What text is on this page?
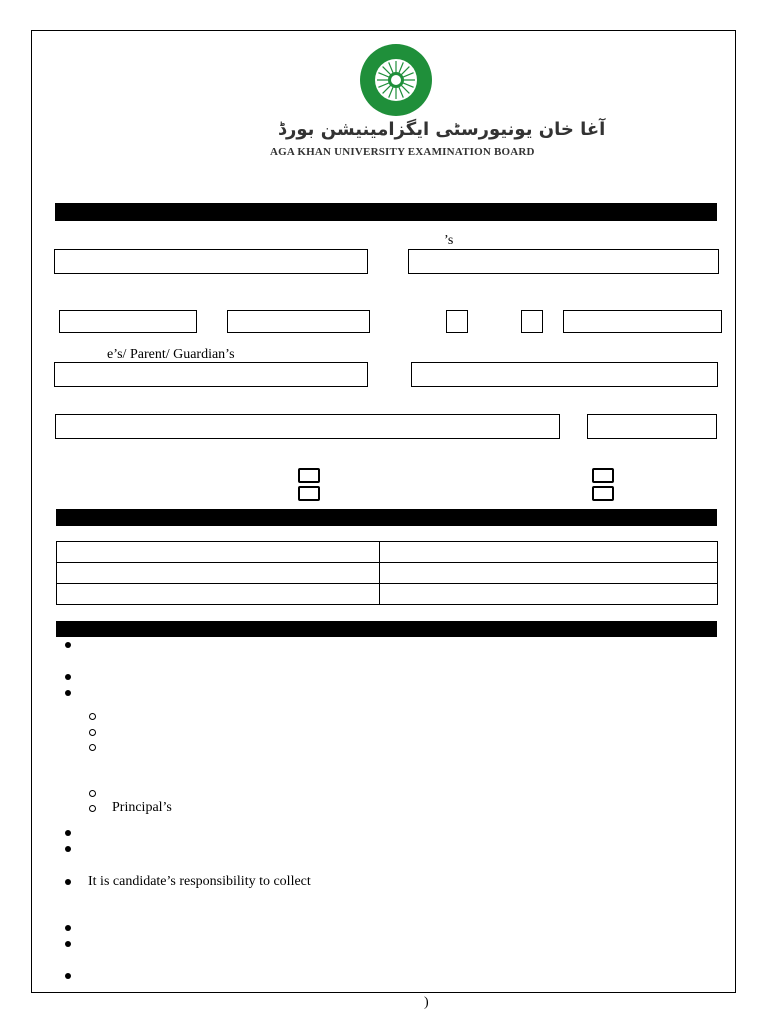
آغا خان یونیورسٹی ایگزامینیشن بورڈ
AGA KHAN UNIVERSITY EXAMINATION BOARD
’s
e’s/ Parent/ Guardian’s

Principal’s
It is candidate’s responsibility to collect
)
